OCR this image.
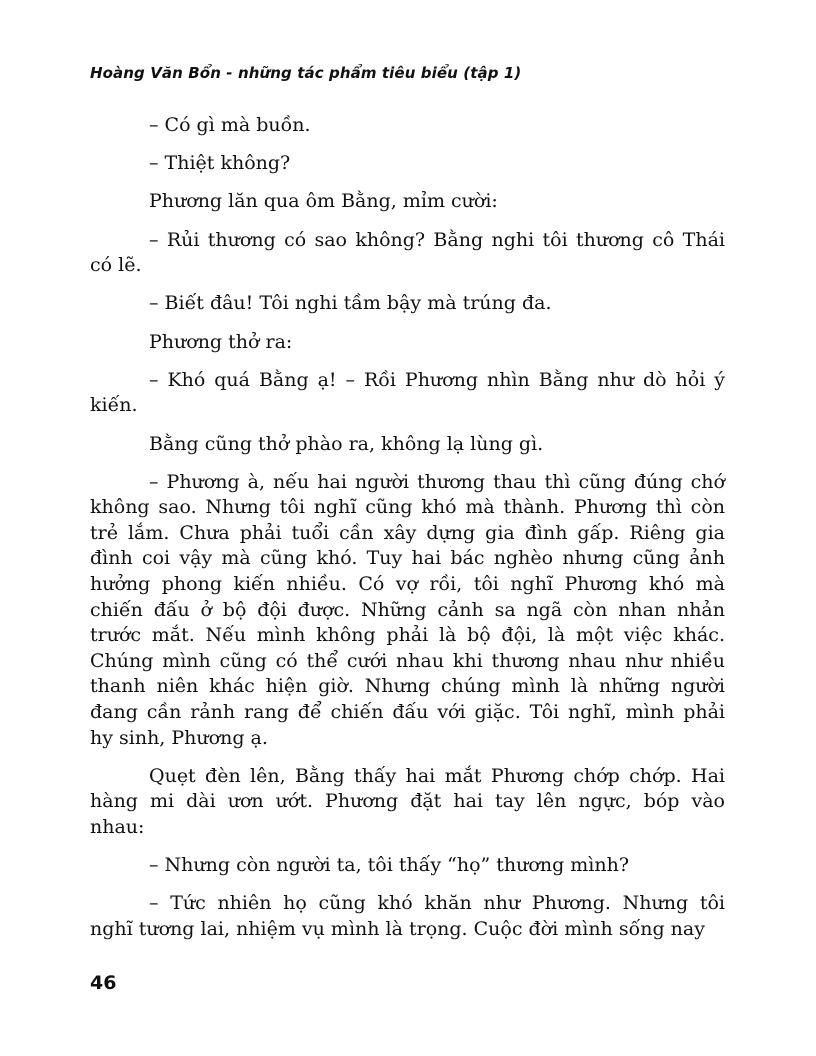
Hoàng Văn Bổn - những tác phẩm tiêu biểu (tập 1)

– Có gì mà buồn.

– Thiệt không?

Phương lăn qua ôm Bằng, mỉm cười:

– Rủi thương có sao không? Bằng nghi tôi thương cô Thái
có lẽ.

– Biết đâu! Tôi nghi tầm bậy mà trúng đa.

Phương thở ra:

– Khó quá Bằng ạ! – Rồi Phương nhìn Bằng như dò hỏi ý
kiến.

Bằng cũng thở phào ra, không lạ lùng gì.

– Phương à, nếu hai người thương thau thì cũng đúng chớ
không sao. Nhưng tôi nghĩ cũng khó mà thành. Phương thì còn
trẻ lắm. Chưa phải tuổi cần xây dựng gia đình gấp. Riêng gia
đình coi vậy mà cũng khó. Tuy hai bác nghèo nhưng cũng ảnh
hưởng phong kiến nhiều. Có vợ rồi, tôi nghĩ Phương khó mà
chiến đấu ở bộ đội được. Những cảnh sa ngã còn nhan nhản
trước mắt. Nếu mình không phải là bộ đội, là một việc khác.
Chúng mình cũng có thể cưới nhau khi thương nhau như nhiều
thanh niên khác hiện giờ. Nhưng chúng mình là những người
đang cần rảnh rang để chiến đấu với giặc. Tôi nghĩ, mình phải
hy sinh, Phương ạ.

Quẹt đèn lên, Bằng thấy hai mắt Phương chớp chớp. Hai
hàng mi dài ươn ướt. Phương đặt hai tay lên ngực, bóp vào
nhau:

– Nhưng còn người ta, tôi thấy “họ” thương mình?

– Tức nhiên họ cũng khó khăn như Phương. Nhưng tôi
nghĩ tương lai, nhiệm vụ mình là trọng. Cuộc đời mình sống nay

46
